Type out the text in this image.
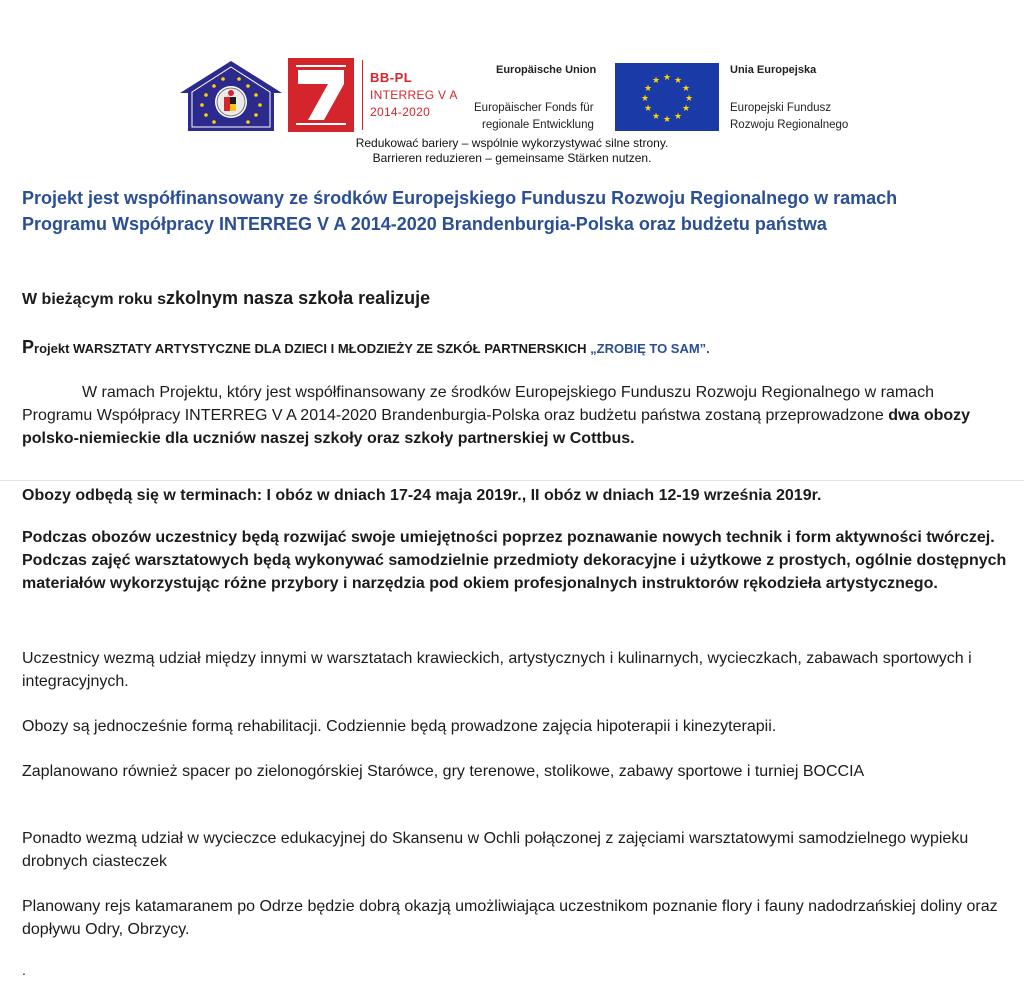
BB-PL
INTERREG V A
2014-2020
Europäische Union
Europäischer Fonds für
regionale Entwicklung
★ ★
★
★
★
★
★
★
★
★
★
★
Unia Europejska
Europejski Fundusz
Rozwoju Regionalnego
Redukować bariery – wspólnie wykorzystywać silne strony.
Barrieren reduzieren – gemeinsame Stärken nutzen.
Projekt jest współfinansowany ze środków Europejskiego Funduszu Rozwoju Regionalnego w ramach Programu Współpracy INTERREG V A 2014-2020 Brandenburgia-Polska oraz budżetu państwa
W bieżącym roku szkolnym nasza szkoła realizuje
Projekt WARSZTATY ARTYSTYCZNE DLA DZIECI I MŁODZIEŻY ZE SZKÓŁ PARTNERSKICH „ZROBIĘ TO SAM”.
W ramach Projektu, który jest współfinansowany ze środków Europejskiego Funduszu Rozwoju Regionalnego w ramach Programu Współpracy INTERREG V A 2014-2020 Brandenburgia-Polska oraz budżetu państwa zostaną przeprowadzone dwa obozy polsko-niemieckie dla uczniów naszej szkoły oraz szkoły partnerskiej w Cottbus.
Obozy odbędą się w terminach: I obóz w dniach 17-24 maja 2019r., II obóz w dniach 12-19 września 2019r.
Podczas obozów uczestnicy będą rozwijać swoje umiejętności poprzez poznawanie nowych technik i form aktywności twórczej. Podczas zajęć warsztatowych będą wykonywać samodzielnie przedmioty dekoracyjne i użytkowe z prostych, ogólnie dostępnych materiałów wykorzystując różne przybory i narzędzia pod okiem profesjonalnych instruktorów rękodzieła artystycznego.
Uczestnicy wezmą udział między innymi w warsztatach krawieckich, artystycznych i kulinarnych, wycieczkach, zabawach sportowych i integracyjnych.
Obozy są jednocześnie formą rehabilitacji. Codziennie będą prowadzone zajęcia hipoterapii i kinezyterapii.
Zaplanowano również spacer po zielonogórskiej Starówce, gry terenowe, stolikowe, zabawy sportowe i turniej BOCCIA
Ponadto wezmą udział w wycieczce edukacyjnej do Skansenu w Ochli połączonej z zajęciami warsztatowymi samodzielnego wypieku drobnych ciasteczek
Planowany rejs katamaranem po Odrze będzie dobrą okazją umożliwiająca uczestnikom poznanie flory i fauny nadodrzańskiej doliny oraz dopływu Odry, Obrzycy.
.
